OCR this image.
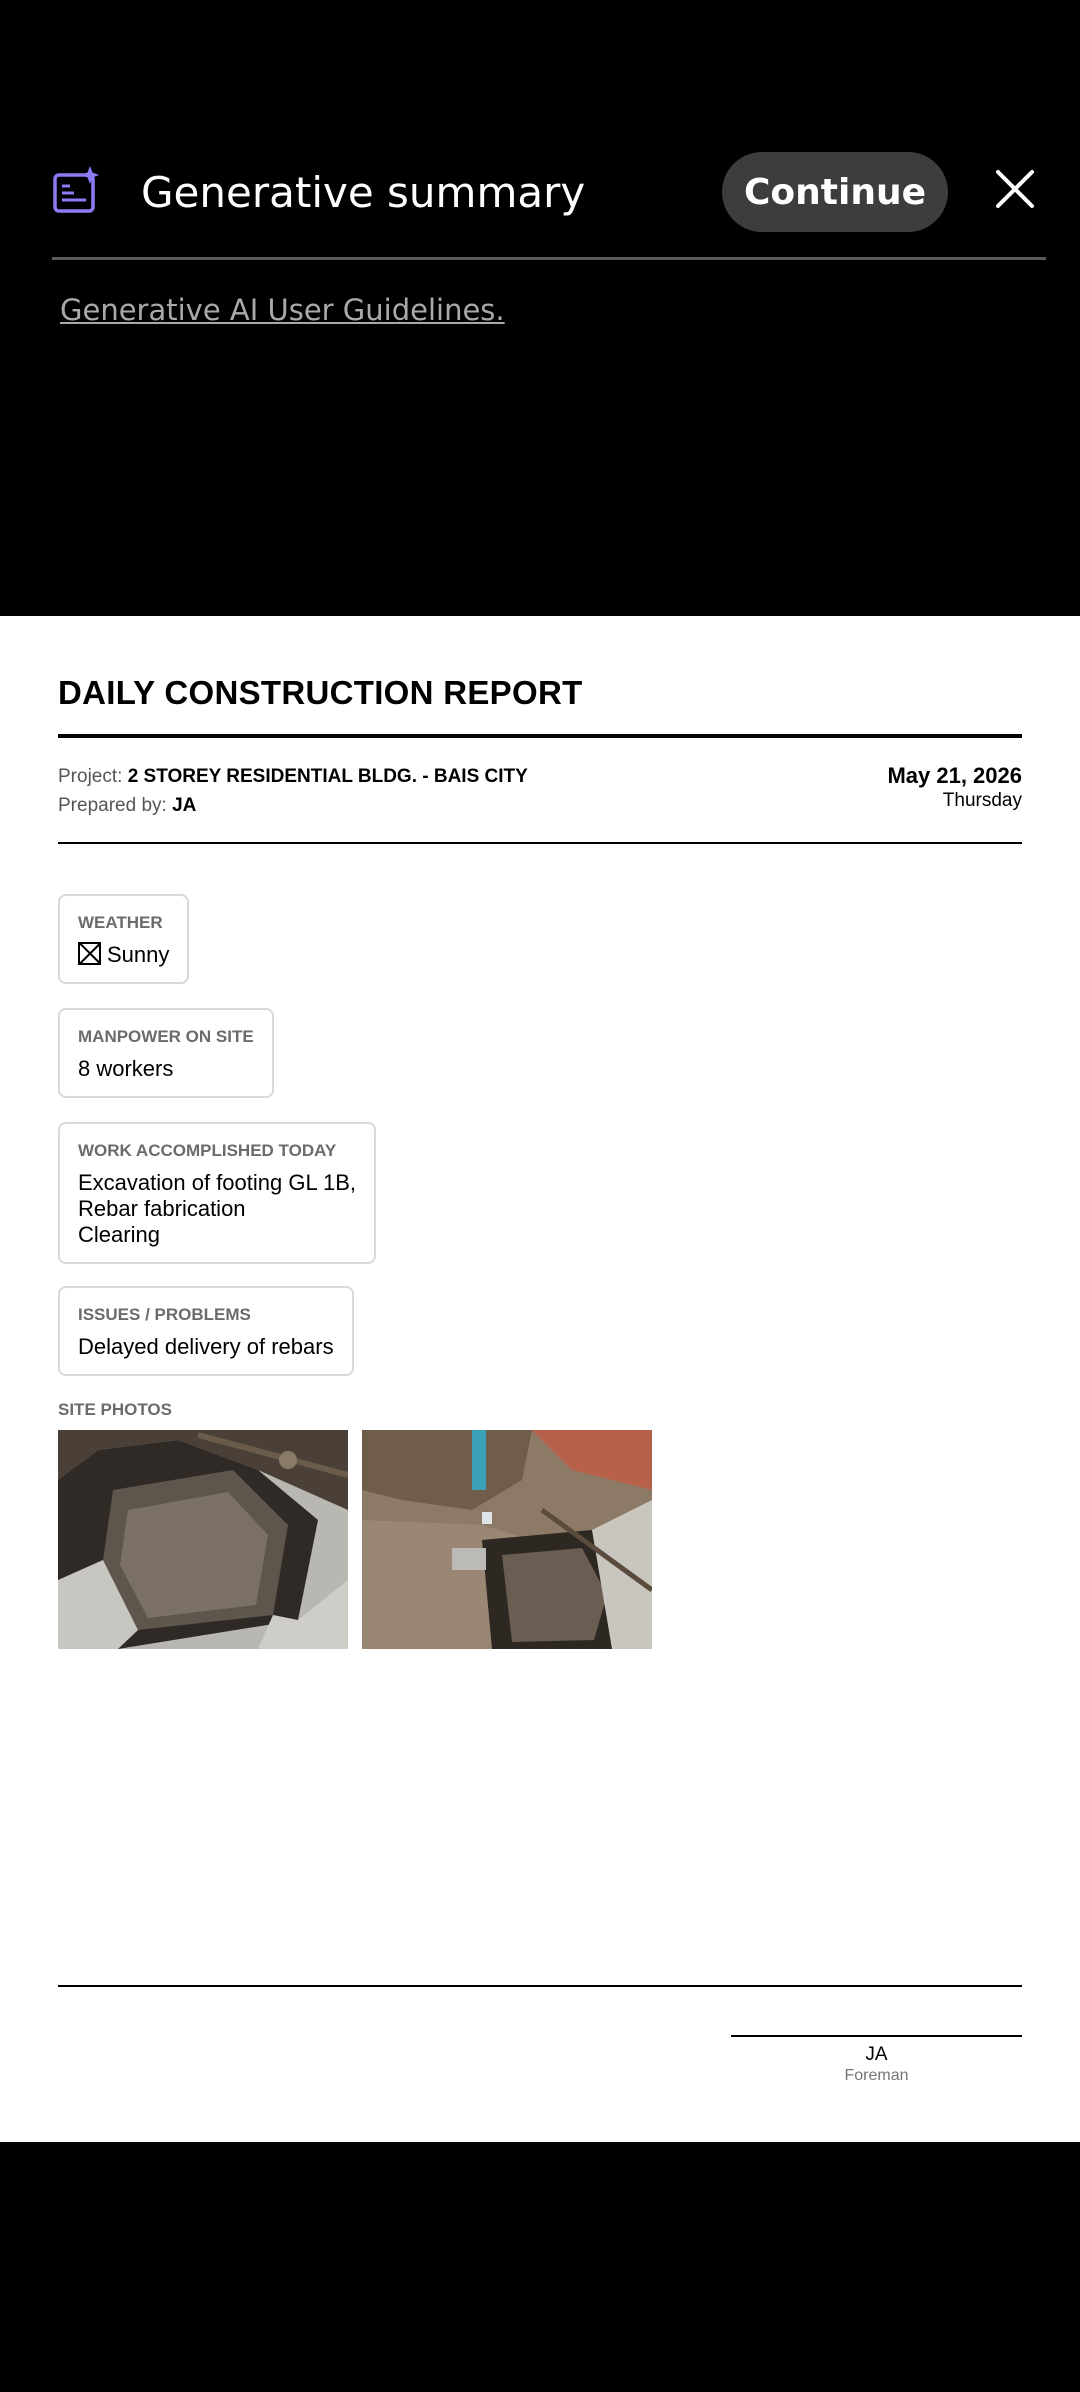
Generative summary	Continue
Generative AI User Guidelines.
DAILY CONSTRUCTION REPORT
Project: 2 STOREY RESIDENTIAL BLDG. - BAIS CITY
Prepared by: JA
May 21, 2026
Thursday
WEATHER
Sunny
MANPOWER ON SITE
8 workers
WORK ACCOMPLISHED TODAY
Excavation of footing GL 1B,
Rebar fabrication
Clearing
ISSUES / PROBLEMS
Delayed delivery of rebars
SITE PHOTOS
JA
Foreman
